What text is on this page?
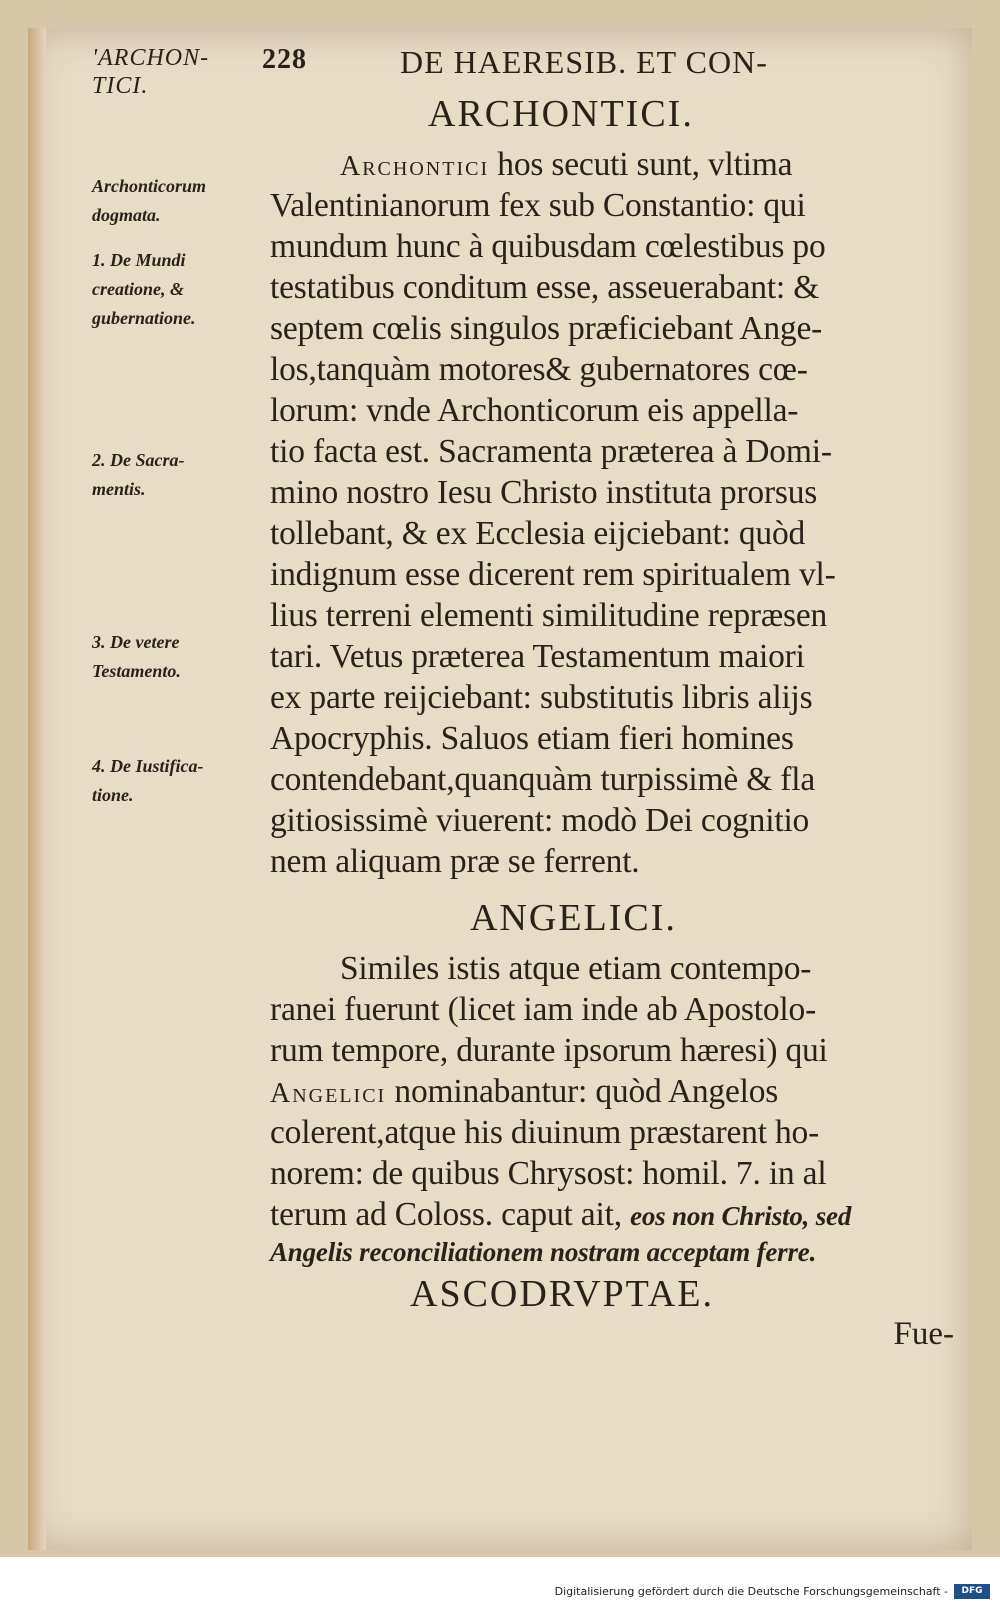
'ARCHON- TICI.
228	DE HAERESIB. ET CON-
ARCHONTICI.
Archontici hos secuti sunt, vltima
Valentinianorum fex sub Constantio: qui
mundum hunc à quibusdam cœlestibus po
testatibus conditum esse, asseuerabant: &
septem cœlis singulos præficiebant Ange-
los,tanquàm motores& gubernatores cœ-
lorum: vnde Archonticorum eis appella-
tio facta est. Sacramenta præterea à Domi-
mino nostro Iesu Christo instituta prorsus
tollebant, & ex Ecclesia eijciebant: quòd
indignum esse dicerent rem spiritualem vl-
lius terreni elementi similitudine repræsen
tari. Vetus præterea Testamentum maiori
ex parte reijciebant: substitutis libris alijs
Apocryphis. Saluos etiam fieri homines
contendebant,quanquàm turpissimè & fla
gitiosissimè viuerent: modò Dei cognitio
nem aliquam præ se ferrent.
ANGELICI.
Similes istis atque etiam contempo-
ranei fuerunt (licet iam inde ab Apostolo-
rum tempore, durante ipsorum hæresi) qui
Angelici nominabantur: quòd Angelos
colerent,atque his diuinum præstarent ho-
norem: de quibus Chrysost: homil. 7. in al
terum ad Coloss. caput ait, eos non Christo, sed
Angelis reconciliationem nostram acceptam ferre.
ASCODRVPTAE.
Fue-
Archonticorum
dogmata.
1. De Mundi
creatione, &
gubernatione.
2. De Sacra-
mentis.
3. De vetere
Testamento.
4. De Iustifica-
tione.
Digitalisierung gefördert durch die Deutsche Forschungsgemeinschaft -	DFG
